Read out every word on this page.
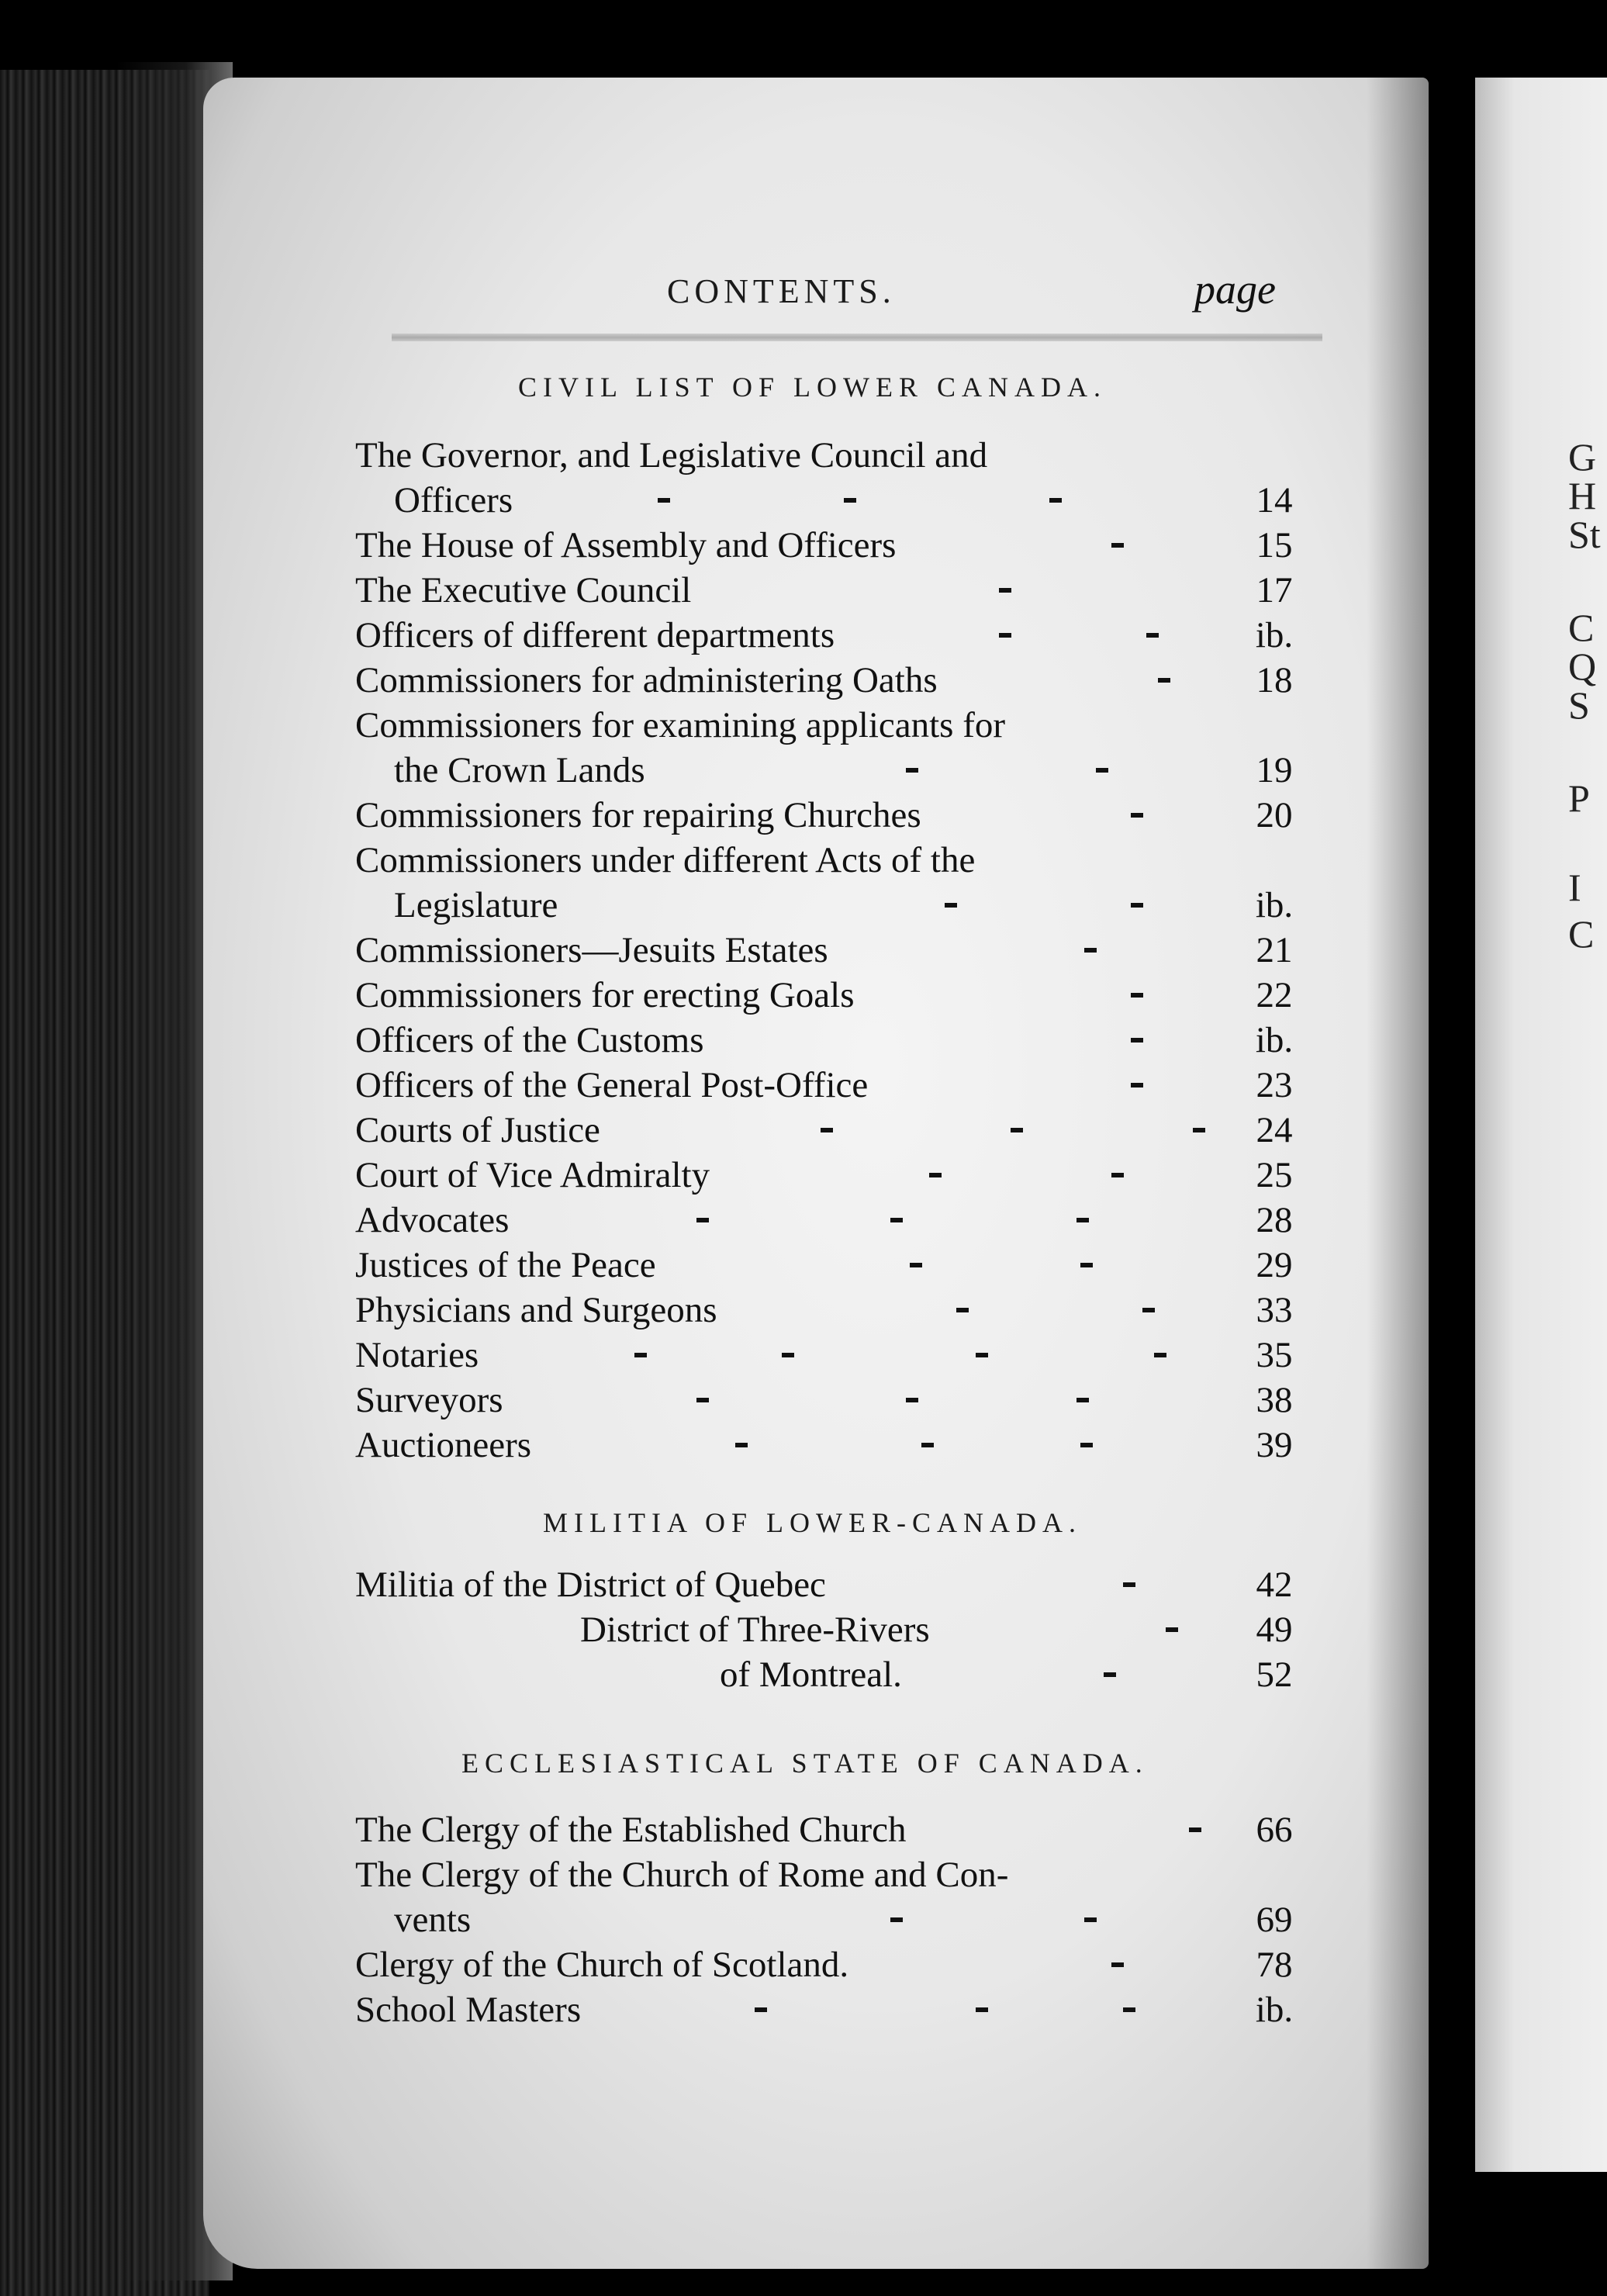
G
H
St
C
Q
S
P
I
C
CONTENTS.	page
CIVIL LIST OF LOWER CANADA.
The Governor, and Legislative Council and
Officers	14
The House of Assembly and Officers	15
The Executive Council	17
Officers of different departments	ib.
Commissioners for administering Oaths	18
Commissioners for examining applicants for
the Crown Lands	19
Commissioners for repairing Churches	20
Commissioners under different Acts of the
Legislature	ib.
Commissioners—Jesuits Estates	21
Commissioners for erecting Goals	22
Officers of the Customs	ib.
Officers of the General Post-Office	23
Courts of Justice	24
Court of Vice Admiralty	25
Advocates	28
Justices of the Peace	29
Physicians and Surgeons	33
Notaries	35
Surveyors	38
Auctioneers	39
MILITIA OF LOWER-CANADA.
Militia of the District of Quebec	42
District of Three-Rivers	49
of Montreal.	52
ECCLESIASTICAL STATE OF CANADA.
The Clergy of the Established Church	66
The Clergy of the Church of Rome and Con-
vents	69
Clergy of the Church of Scotland.	78
School Masters	ib.
